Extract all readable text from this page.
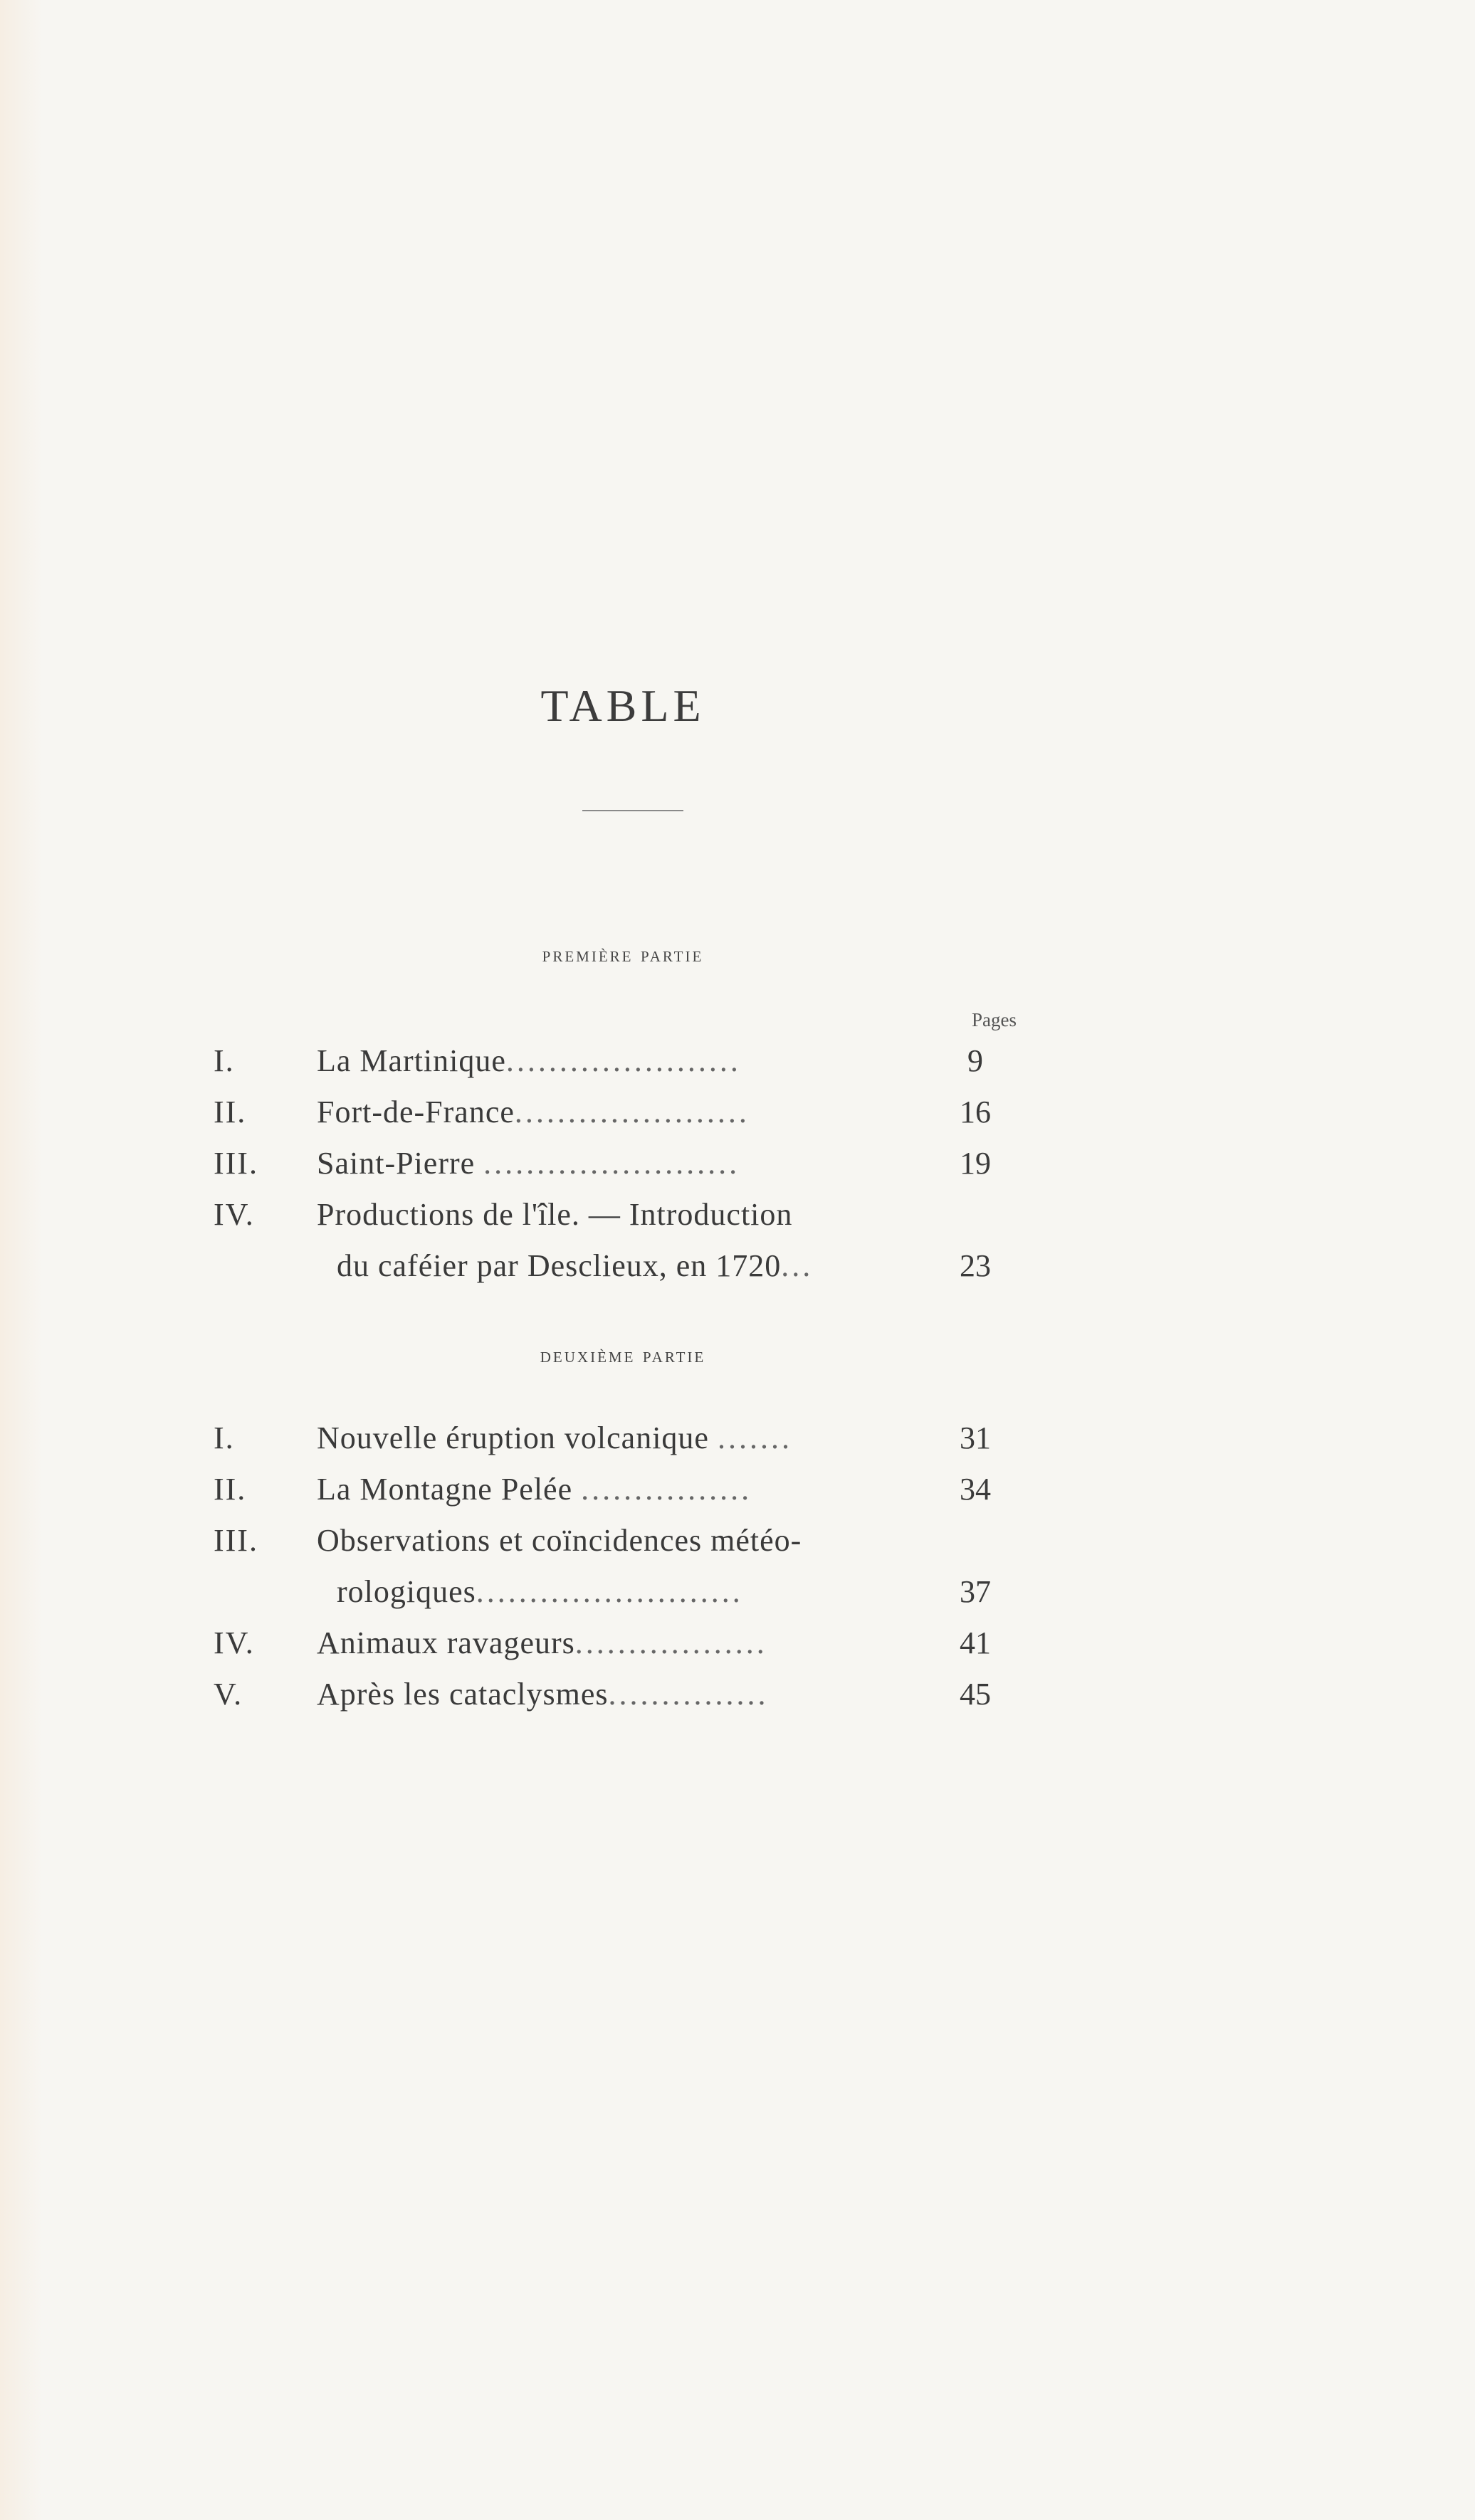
TABLE
première partie
Pages
I.	La Martinique......................	9
II.	Fort-de-France......................	16
III.	Saint-Pierre ........................	19
IV.	Productions de l'île. — Introduction
du caféier par Desclieux, en 1720...	23
deuxième partie
I.	Nouvelle éruption volcanique .......	31
II.	La Montagne Pelée ................	34
III.	Observations et coïncidences météo-
rologiques.........................	37
IV.	Animaux ravageurs..................	41
V.	Après les cataclysmes...............	45
